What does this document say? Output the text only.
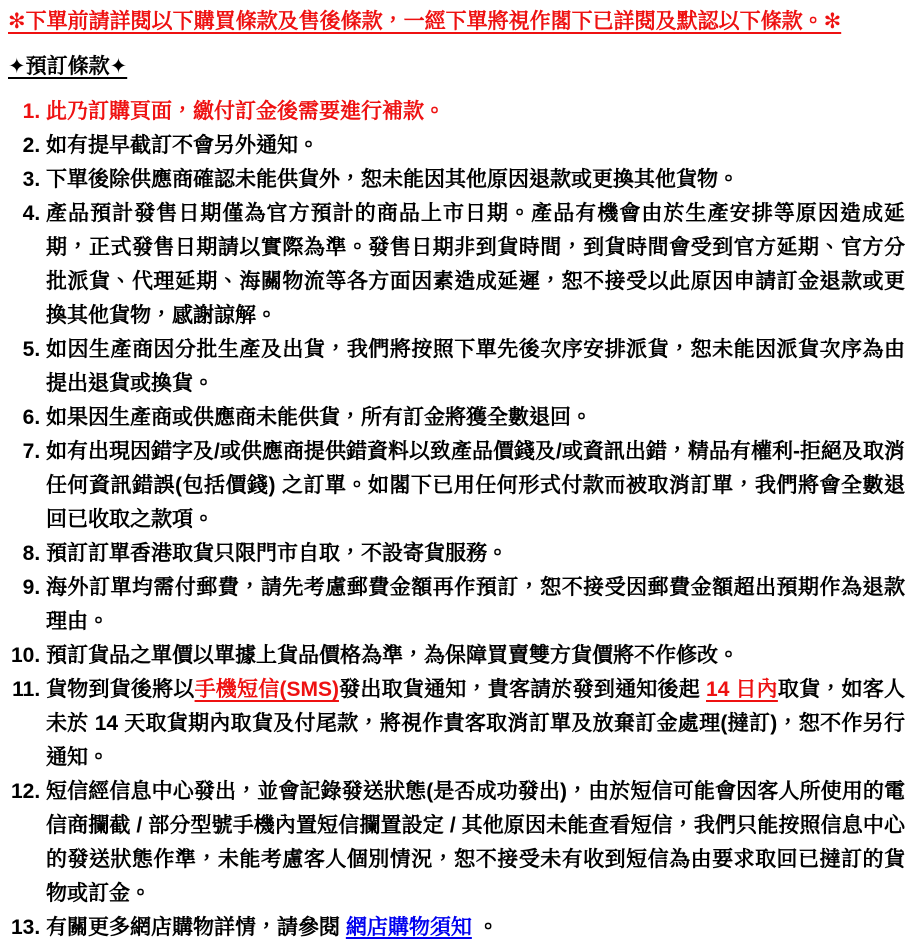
✻下單前請詳閱以下購買條款及售後條款，一經下單將視作閣下已詳閱及默認以下條款。✻
✦預訂條款✦
1. 此乃訂購頁面，繳付訂金後需要進行補款。
2. 如有提早截訂不會另外通知。
3. 下單後除供應商確認未能供貨外，恕未能因其他原因退款或更換其他貨物。
4. 產品預計發售日期僅為官方預計的商品上市日期。產品有機會由於生產安排等原因造成延期，正式發售日期請以實際為準。發售日期非到貨時間，到貨時間會受到官方延期、官方分批派貨、代理延期、海關物流等各方面因素造成延遲，恕不接受以此原因申請訂金退款或更換其他貨物，感謝諒解。
5. 如因生產商因分批生產及出貨，我們將按照下單先後次序安排派貨，恕未能因派貨次序為由提出退貨或換貨。
6. 如果因生產商或供應商未能供貨，所有訂金將獲全數退回。
7. 如有出現因錯字及/或供應商提供錯資料以致產品價錢及/或資訊出錯，精品有權利-拒絕及取消任何資訊錯誤(包括價錢) 之訂單。如閣下已用任何形式付款而被取消訂單，我們將會全數退回已收取之款項。
8. 預訂訂單香港取貨只限門市自取，不設寄貨服務。
9. 海外訂單均需付郵費，請先考慮郵費金額再作預訂，恕不接受因郵費金額超出預期作為退款理由。
10. 預訂貨品之單價以單據上貨品價格為準，為保障買賣雙方貨價將不作修改。
11. 貨物到貨後將以手機短信(SMS)發出取貨通知，貴客請於發到通知後起 14 日內取貨，如客人未於 14 天取貨期內取貨及付尾款，將視作貴客取消訂單及放棄訂金處理(撻訂)，恕不作另行通知。
12. 短信經信息中心發出，並會記錄發送狀態(是否成功發出)，由於短信可能會因客人所使用的電信商攔截 / 部分型號手機內置短信攔置設定 / 其他原因未能查看短信，我們只能按照信息中心的發送狀態作準，未能考慮客人個別情況，恕不接受未有收到短信為由要求取回已撻訂的貨物或訂金。
13. 有關更多網店購物詳情，請參閱 網店購物須知 。
